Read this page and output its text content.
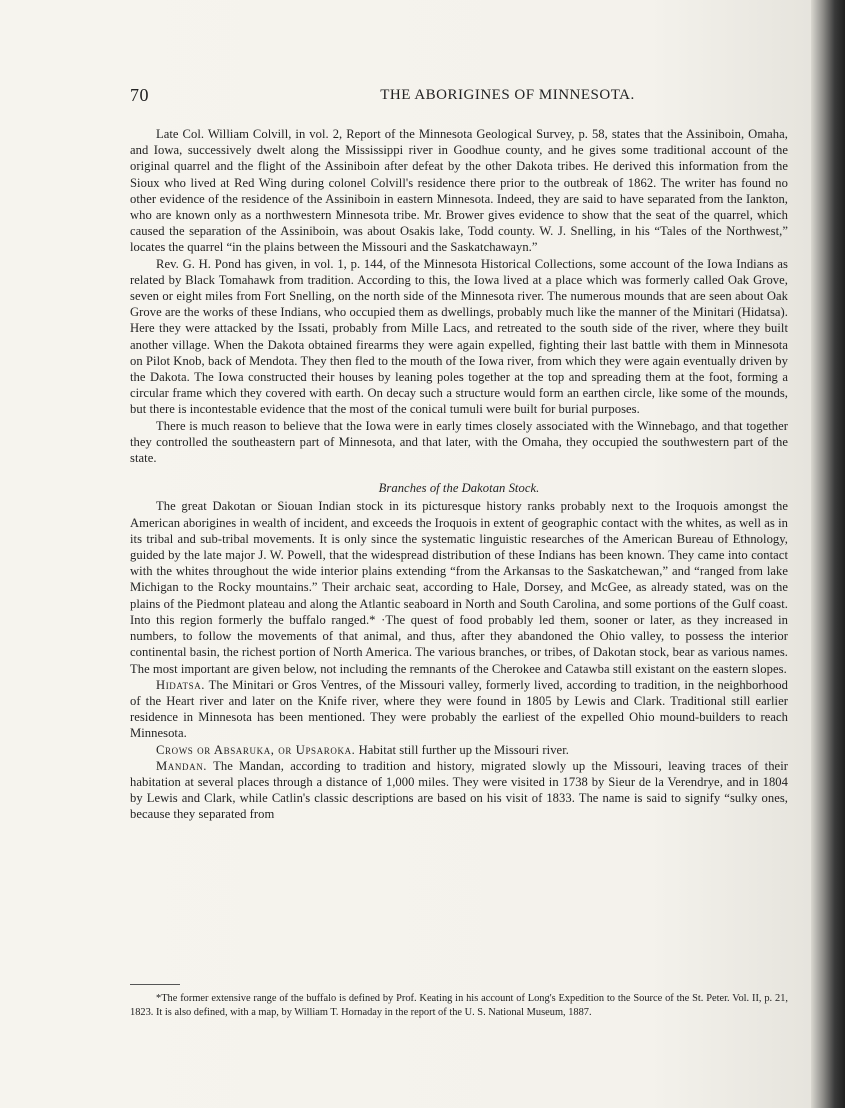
70	THE ABORIGINES OF MINNESOTA.

Late Col. William Colvill, in vol. 2, Report of the Minnesota Geological Survey, p. 58, states that the Assiniboin, Omaha, and Iowa, successively dwelt along the Mississippi river in Goodhue county, and he gives some traditional account of the original quarrel and the flight of the Assiniboin after defeat by the other Dakota tribes. He derived this information from the Sioux who lived at Red Wing during colonel Colvill's residence there prior to the outbreak of 1862. The writer has found no other evidence of the residence of the Assiniboin in eastern Minnesota. Indeed, they are said to have separated from the Iankton, who are known only as a northwestern Minnesota tribe. Mr. Brower gives evidence to show that the seat of the quarrel, which caused the separation of the Assiniboin, was about Osakis lake, Todd county. W. J. Snelling, in his “Tales of the Northwest,” locates the quarrel “in the plains between the Missouri and the Saskatchawayn.”

Rev. G. H. Pond has given, in vol. 1, p. 144, of the Minnesota Historical Collections, some account of the Iowa Indians as related by Black Tomahawk from tradition. According to this, the Iowa lived at a place which was formerly called Oak Grove, seven or eight miles from Fort Snelling, on the north side of the Minnesota river. The numerous mounds that are seen about Oak Grove are the works of these Indians, who occupied them as dwellings, probably much like the manner of the Minitari (Hidatsa). Here they were attacked by the Issati, probably from Mille Lacs, and retreated to the south side of the river, where they built another village. When the Dakota obtained firearms they were again expelled, fighting their last battle with them in Minnesota on Pilot Knob, back of Mendota. They then fled to the mouth of the Iowa river, from which they were again eventually driven by the Dakota. The Iowa constructed their houses by leaning poles together at the top and spreading them at the foot, forming a circular frame which they covered with earth. On decay such a structure would form an earthen circle, like some of the mounds, but there is incontestable evidence that the most of the conical tumuli were built for burial purposes.

There is much reason to believe that the Iowa were in early times closely associated with the Winnebago, and that together they controlled the southeastern part of Minnesota, and that later, with the Omaha, they occupied the southwestern part of the state.

Branches of the Dakotan Stock.

The great Dakotan or Siouan Indian stock in its picturesque history ranks probably next to the Iroquois amongst the American aborigines in wealth of incident, and exceeds the Iroquois in extent of geographic contact with the whites, as well as in its tribal and sub-tribal movements. It is only since the systematic linguistic researches of the American Bureau of Ethnology, guided by the late major J. W. Powell, that the widespread distribution of these Indians has been known. They came into contact with the whites throughout the wide interior plains extending “from the Arkansas to the Saskatchewan,” and “ranged from lake Michigan to the Rocky mountains.” Their archaic seat, according to Hale, Dorsey, and McGee, as already stated, was on the plains of the Piedmont plateau and along the Atlantic seaboard in North and South Carolina, and some portions of the Gulf coast. Into this region formerly the buffalo ranged.* ·The quest of food probably led them, sooner or later, as they increased in numbers, to follow the movements of that animal, and thus, after they abandoned the Ohio valley, to possess the interior continental basin, the richest portion of North America. The various branches, or tribes, of Dakotan stock, bear as various names. The most important are given below, not including the remnants of the Cherokee and Catawba still existant on the eastern slopes.

Hidatsa. The Minitari or Gros Ventres, of the Missouri valley, formerly lived, according to tradition, in the neighborhood of the Heart river and later on the Knife river, where they were found in 1805 by Lewis and Clark. Traditional still earlier residence in Minnesota has been mentioned. They were probably the earliest of the expelled Ohio mound-builders to reach Minnesota.

Crows or Absaruka, or Upsaroka. Habitat still further up the Missouri river.

Mandan. The Mandan, according to tradition and history, migrated slowly up the Missouri, leaving traces of their habitation at several places through a distance of 1,000 miles. They were visited in 1738 by Sieur de la Verendrye, and in 1804 by Lewis and Clark, while Catlin's classic descriptions are based on his visit of 1833. The name is said to signify “sulky ones, because they separated from

*The former extensive range of the buffalo is defined by Prof. Keating in his account of Long's Expedition to the Source of the St. Peter. Vol. II, p. 21, 1823. It is also defined, with a map, by William T. Hornaday in the report of the U. S. National Museum, 1887.
